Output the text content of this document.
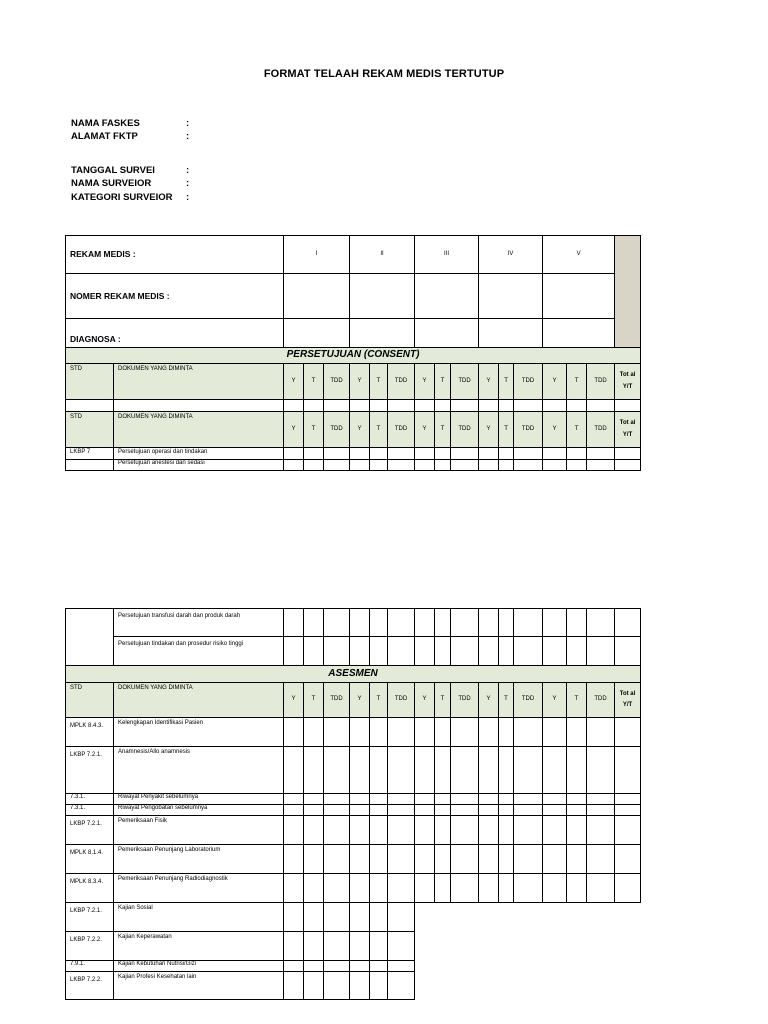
FORMAT TELAAH REKAM MEDIS TERTUTUP
NAMA FASKES	:
ALAMAT FKTP	:
TANGGAL SURVEI	:
NAMA SURVEIOR	:
KATEGORI SURVEIOR :
REKAM MEDIS :		I			II			III			IV			V			
NOMER REKAM MEDIS :																	
DIAGNOSA :																	
PERSETUJUAN (CONSENT)																	
STD	DOKUMEN YANG DIMINTA	Y	T	TDD	Y	T	TDD	Y	T	TDD	Y	T	TDD	Y	T	TDD	Tot al Y/T

STD	DOKUMEN YANG DIMINTA	Y	T	TDD	Y	T	TDD	Y	T	TDD	Y	T	TDD	Y	T	TDD	Tot al Y/T
LKBP 7	Persetujuan operasi dan tindakan																
	Persetujuan anestesi dan sedasi																
	Persetujuan transfusi darah dan produk darah																
	Persetujuan tindakan dan prosedur risiko tinggi																
ASESMEN																	
STD	DOKUMEN YANG DIMINTA	Y	T	TDD	Y	T	TDD	Y	T	TDD	Y	T	TDD	Y	T	TDD	Tot al Y/T
MPLK 8.4.3.	Kelengkapan Identifikasi Pasien																
LKBP 7.2.1.	Anamnesis/Allo anamnesis																
7.3.1.	Riwayat Penyakit sebelumnya																
7.3.1.	Riwayat Pengobatan sebelumnya																
LKBP 7.2.1.	Pemeriksaan Fisik																
MPLK 8.1.4.	Pemeriksaan Penunjang Laboratorium																
MPLK 8.3.4.	Pemeriksaan Penunjang Radiodiagnostik																
LKBP 7.2.1.	Kajian Sosial																
LKBP 7.2.2.	Kajian Keperawatan																
7.9.1.	Kajian Kebutuhan Nutrisi/Gizi																
LKBP 7.2.2.	Kajian Profesi Kesehatan lain																
